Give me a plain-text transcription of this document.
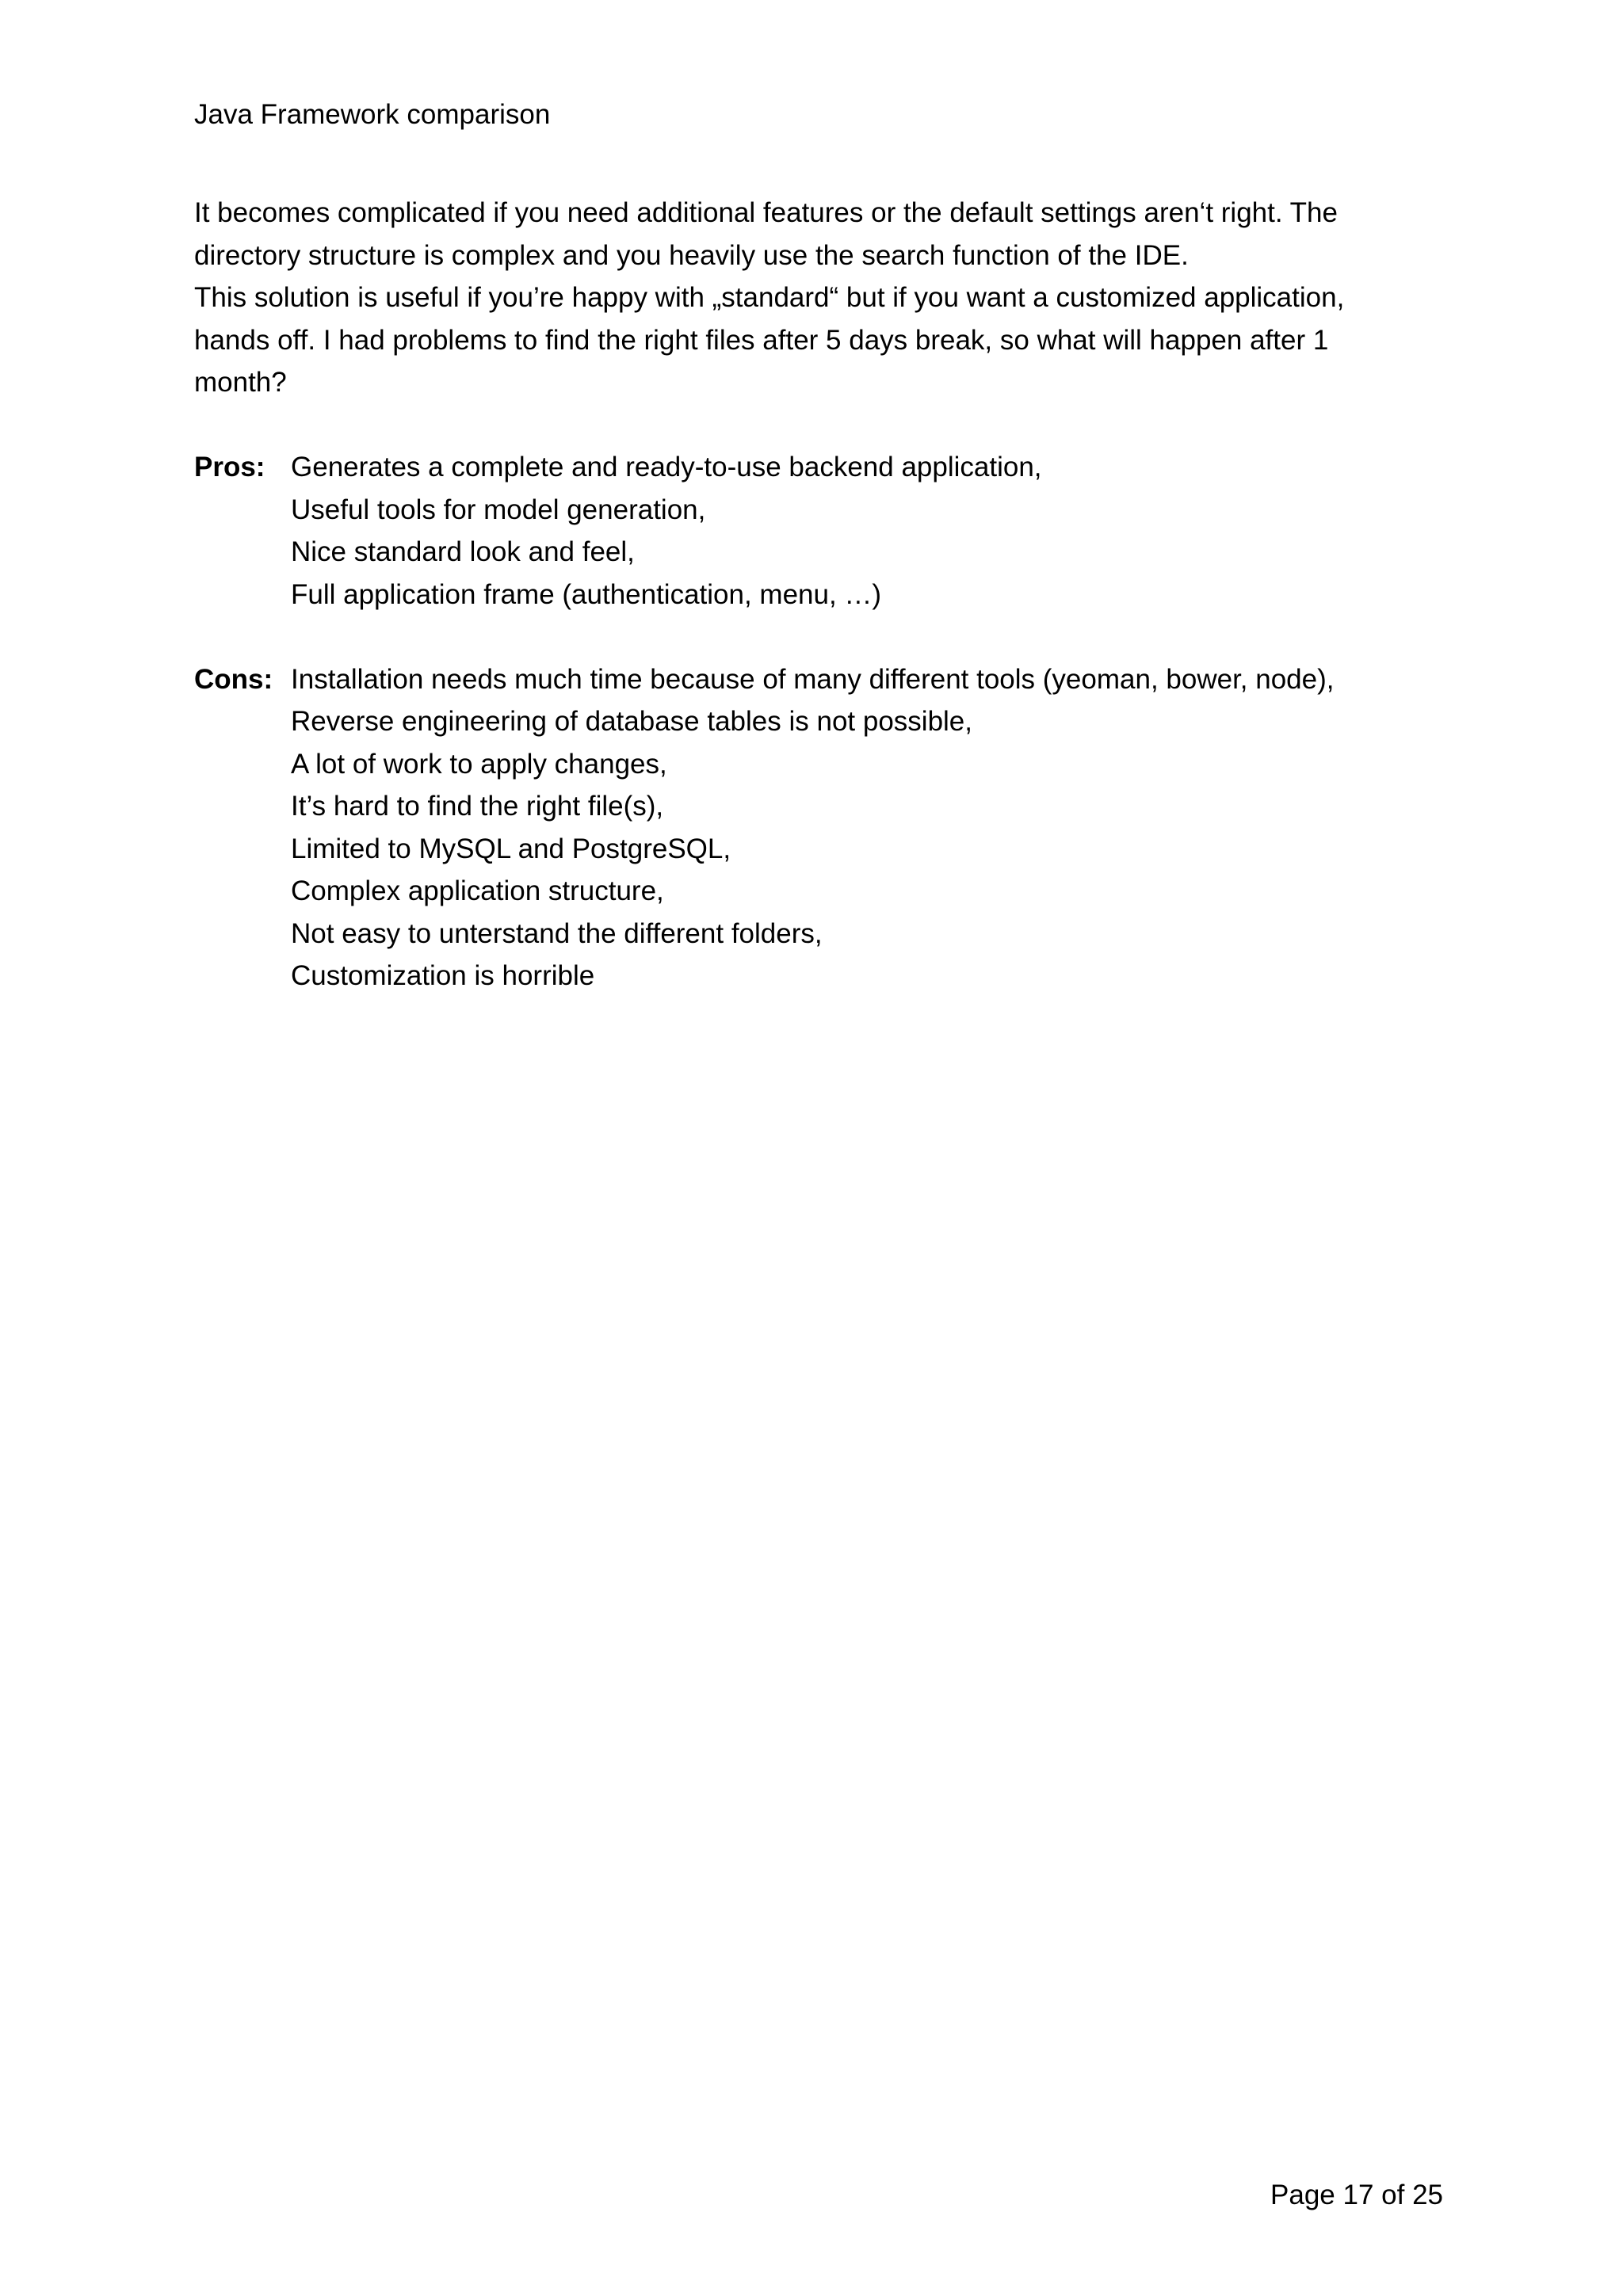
Java Framework comparison

It becomes complicated if you need additional features or the default settings aren‘t right. The directory structure is complex and you heavily use the search function of the IDE.

This solution is useful if you’re happy with „standard“ but if you want a customized application, hands off. I had problems to find the right files after 5 days break, so what will happen after 1 month?

Pros: Generates a complete and ready-to-use backend application,
Useful tools for model generation,
Nice standard look and feel,
Full application frame (authentication, menu, …)
Cons: Installation needs much time because of many different tools (yeoman, bower, node),
Reverse engineering of database tables is not possible,
A lot of work to apply changes,
It’s hard to find the right file(s),
Limited to MySQL and PostgreSQL,
Complex application structure,
Not easy to unterstand the different folders,
Customization is horrible
Page 17 of 25
